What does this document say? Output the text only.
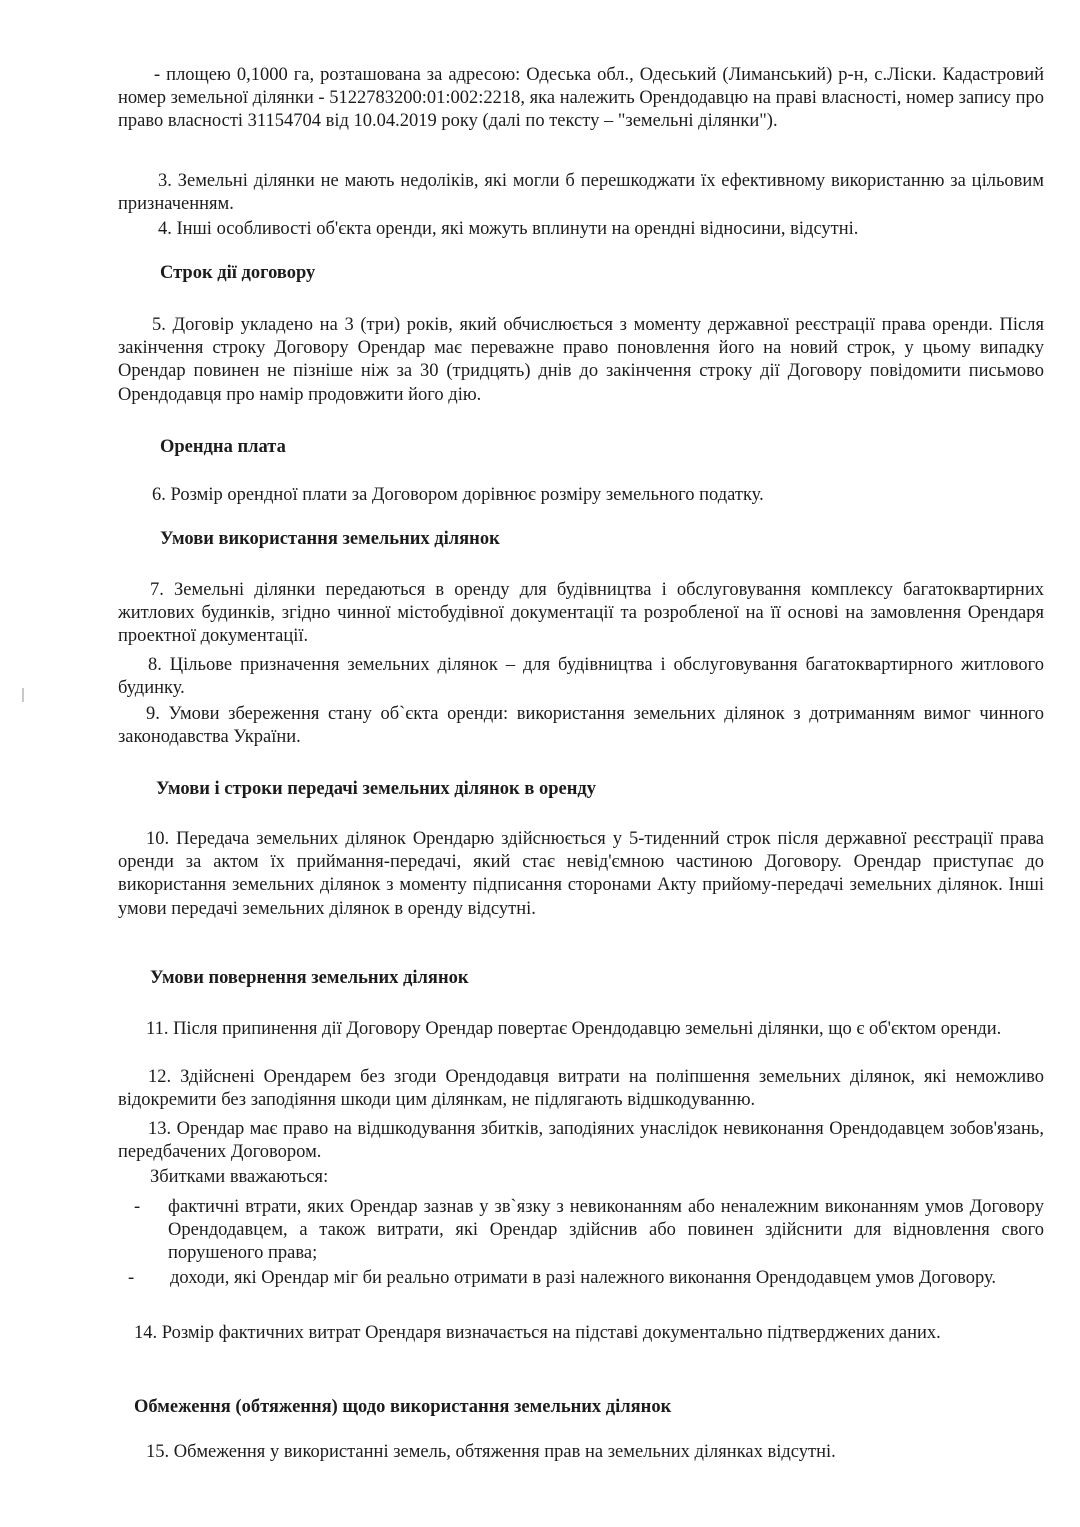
- площею 0,1000 га, розташована за адресою: Одеська обл., Одеський (Лиманський) р-н, с.Ліски. Кадастровий номер земельної ділянки - 5122783200:01:002:2218, яка належить Орендодавцю на праві власності, номер запису про право власності 31154704 від 10.04.2019 року (далі по тексту – "земельні ділянки").

3. Земельні ділянки не мають недоліків, які могли б перешкоджати їх ефективному використанню за цільовим призначенням.

4. Інші особливості об'єкта оренди, які можуть вплинути на орендні відносини, відсутні.

Строк дії договору

5. Договір укладено на 3 (три) років, який обчислюється з моменту державної реєстрації права оренди. Після закінчення строку Договору Орендар має переважне право поновлення його на новий строк, у цьому випадку Орендар повинен не пізніше ніж за 30 (тридцять) днів до закінчення строку дії Договору повідомити письмово Орендодавця про намір продовжити його дію.

Орендна плата

6. Розмір орендної плати за Договором дорівнює розміру земельного податку.

Умови використання земельних ділянок

7. Земельні ділянки передаються в оренду для будівництва і обслуговування комплексу багатоквартирних житлових будинків, згідно чинної містобудівної документації та розробленої на її основі на замовлення Орендаря проектної документації.

8. Цільове призначення земельних ділянок – для будівництва і обслуговування багатоквартирного житлового будинку.

9. Умови збереження стану об`єкта оренди: використання земельних ділянок з дотриманням вимог чинного законодавства України.

Умови і строки передачі земельних ділянок в оренду

10. Передача земельних ділянок Орендарю здійснюється у 5-тиденний строк після державної реєстрації права оренди за актом їх приймання-передачі, який стає невід'ємною частиною Договору. Орендар приступає до використання земельних ділянок з моменту підписання сторонами Акту прийому-передачі земельних ділянок. Інші умови передачі земельних ділянок в оренду відсутні.

Умови повернення земельних ділянок

11. Після припинення дії Договору Орендар повертає Орендодавцю земельні ділянки, що є об'єктом оренди.

12. Здійснені Орендарем без згоди Орендодавця витрати на поліпшення земельних ділянок, які неможливо відокремити без заподіяння шкоди цим ділянкам, не підлягають відшкодуванню.

13. Орендар має право на відшкодування збитків, заподіяних унаслідок невиконання Орендодавцем зобов'язань, передбачених Договором.

Збитками вважаються:

- фактичні втрати, яких Орендар зазнав у зв`язку з невиконанням або неналежним виконанням умов Договору Орендодавцем, а також витрати, які Орендар здійснив або повинен здійснити для відновлення свого порушеного права;

-	доходи, які Орендар міг би реально отримати в разі належного виконання Орендодавцем умов Договору.

14. Розмір фактичних витрат Орендаря визначається на підставі документально підтверджених даних.

Обмеження (обтяження) щодо використання земельних ділянок

15. Обмеження у використанні земель, обтяження прав на земельних ділянках відсутні.
